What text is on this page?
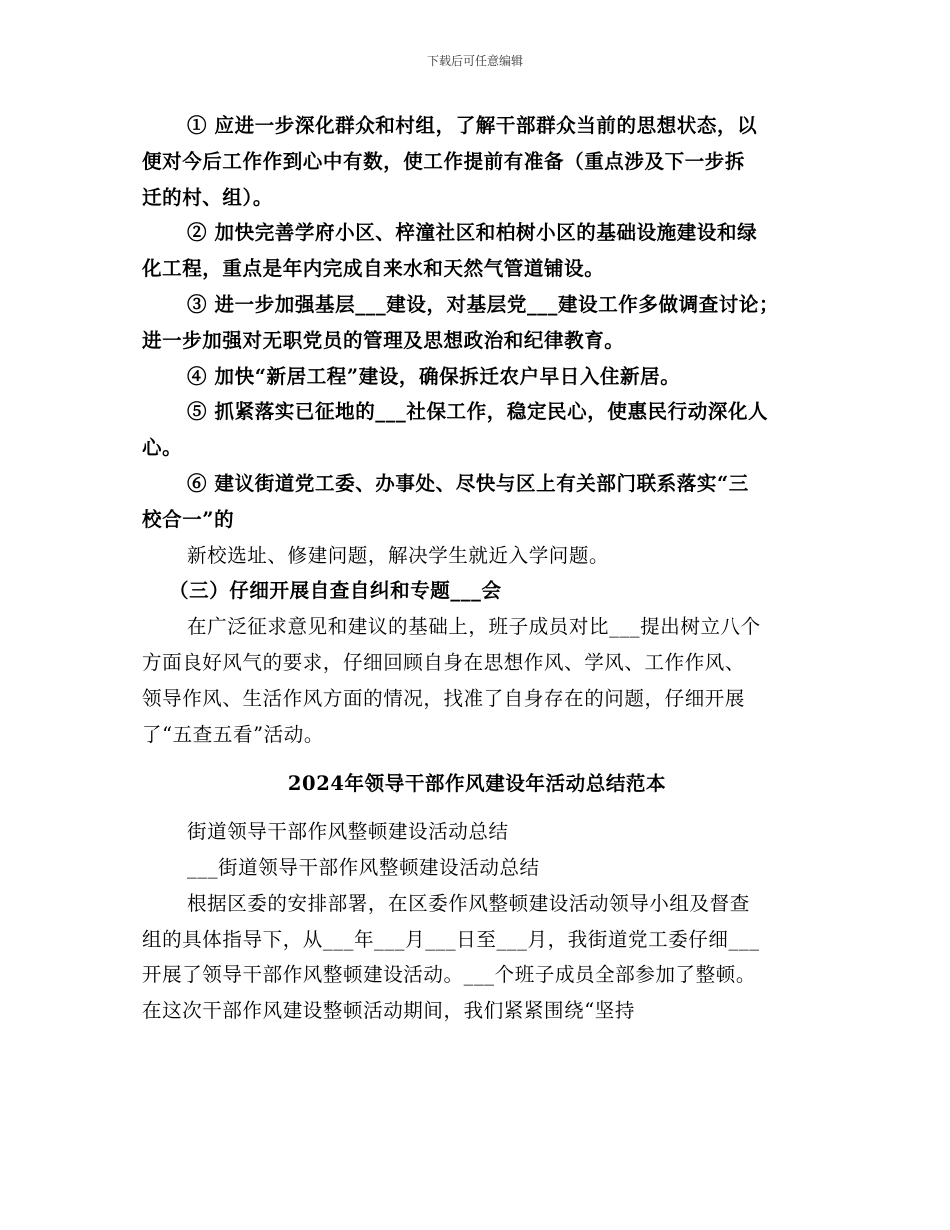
下载后可任意编辑
① 应进一步深化群众和村组，了解干部群众当前的思想状态，以
便对今后工作作到心中有数，使工作提前有准备（重点涉及下一步拆
迁的村、组）。
② 加快完善学府小区、梓潼社区和柏树小区的基础设施建设和绿
化工程，重点是年内完成自来水和天然气管道铺设。
③ 进一步加强基层___建设，对基层党___建设工作多做调查讨论；
进一步加强对无职党员的管理及思想政治和纪律教育。
④ 加快“新居工程”建设，确保拆迁农户早日入住新居。
⑤ 抓紧落实已征地的___社保工作，稳定民心，使惠民行动深化人
心。
⑥ 建议街道党工委、办事处、尽快与区上有关部门联系落实“三
校合一”的
新校选址、修建问题，解决学生就近入学问题。
（三）仔细开展自查自纠和专题___会
在广泛征求意见和建议的基础上，班子成员对比___提出树立八个
方面良好风气的要求，仔细回顾自身在思想作风、学风、工作作风、
领导作风、生活作风方面的情况，找准了自身存在的问题，仔细开展
了“五查五看”活动。
2024年领导干部作风建设年活动总结范本
街道领导干部作风整顿建设活动总结
___街道领导干部作风整顿建设活动总结
根据区委的安排部署，在区委作风整顿建设活动领导小组及督查
组的具体指导下，从___年___月___日至___月，我街道党工委仔细___
开展了领导干部作风整顿建设活动。___个班子成员全部参加了整顿。
在这次干部作风建设整顿活动期间，我们紧紧围绕“坚持
